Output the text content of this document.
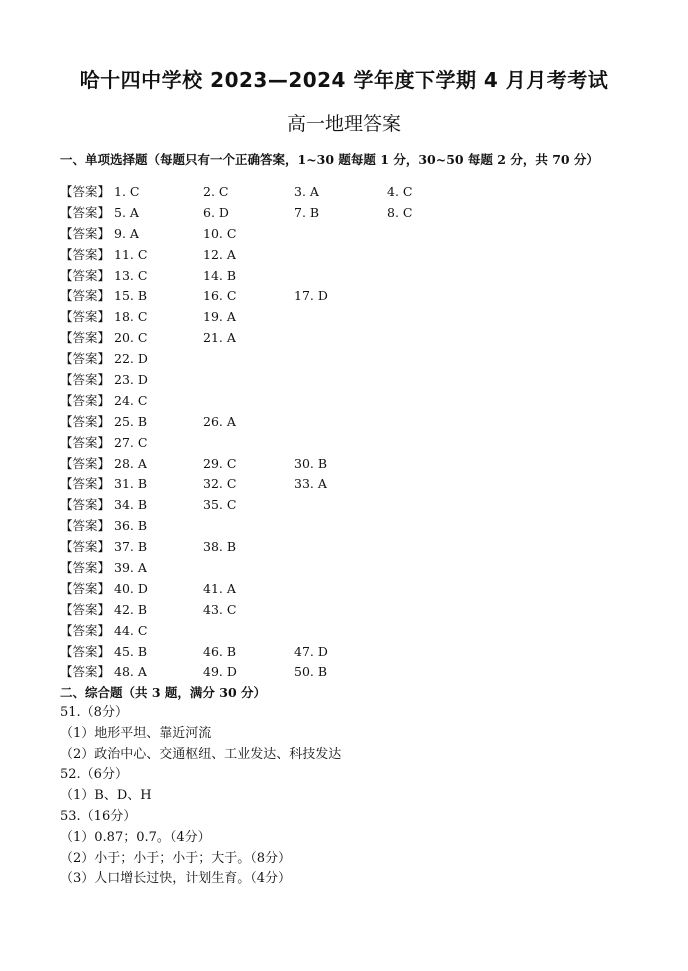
哈十四中学校 2023—2024 学年度下学期 4 月月考考试
高一地理答案
一、单项选择题（每题只有一个正确答案，1~30 题每题 1 分，30~50 每题 2 分，共 70 分）
【答案】 1. C	2. C	3. A	4. C
【答案】 5. A	6. D	7. B	8. C
【答案】 9. A	10. C
【答案】 11. C	12. A
【答案】 13. C	14. B
【答案】 15. B	16. C	17. D
【答案】 18. C	19. A
【答案】 20. C	21. A
【答案】 22. D
【答案】 23. D
【答案】 24. C
【答案】 25. B	26. A
【答案】 27. C
【答案】 28. A	29. C	30. B
【答案】 31. B	32. C	33. A
【答案】 34. B	35. C
【答案】 36. B
【答案】 37. B	38. B
【答案】 39. A
【答案】 40. D	41. A
【答案】 42. B	43. C
【答案】 44. C
【答案】 45. B	46. B	47. D
【答案】 48. A	49. D	50. B
二、综合题（共 3 题，满分 30 分）
51.（8分）
（1）地形平坦、靠近河流
（2）政治中心、交通枢纽、工业发达、科技发达
52.（6分）
（1）B、D、H
53.（16分）
（1）0.87；0.7。（4分）
（2）小于；小于；小于；大于。（8分）
（3）人口增长过快，计划生育。（4分）
